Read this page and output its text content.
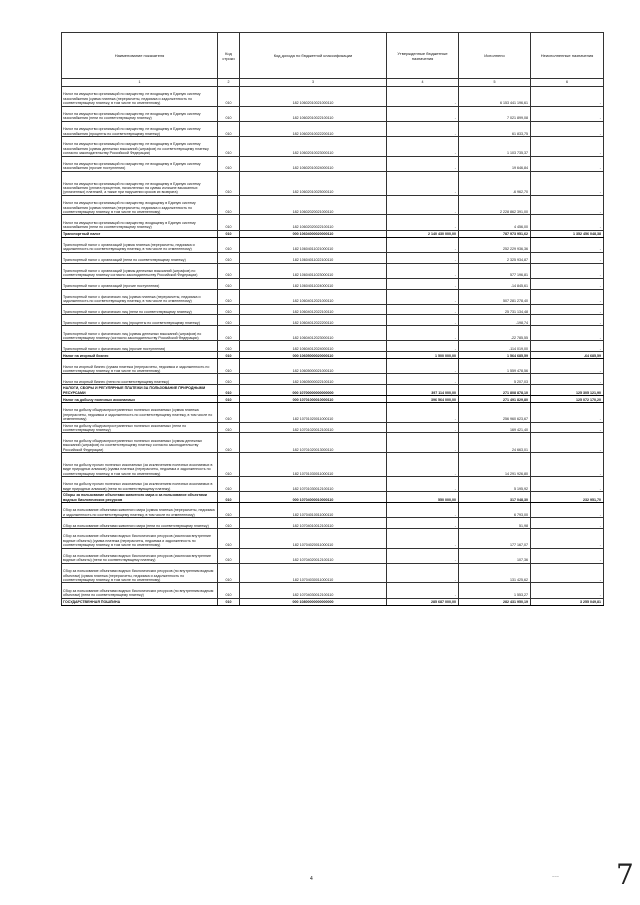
Наименование показателя	Код строки	Код дохода по бюджетной классификации	Утвержденные бюджетные назначения	Исполнено	Неисполненные назначения
1	2	3	4	5	6
Налог на имущество организаций по имуществу, не входящему в Единую систему газоснабжения (сумма платежа (перерасчеты, недоимка и задолженность по соответствующему платежу, в том числе по отмененному)	010	182 10602010021000110	-	6 153 441 196,61	-
Налог на имущество организаций по имуществу, не входящему в Единую систему газоснабжения (пени по соответствующему платежу)	010	182 10602010022100110	-	7 021 899,08	-
Налог на имущество организаций по имуществу, не входящему в Единую систему газоснабжения (проценты по соответствующему платежу)	010	182 10602010022200110	-	61 833,75	-
Налог на имущество организаций по имуществу, не входящему в Единую систему газоснабжения (суммы денежных взысканий (штрафов) по соответствующему платежу согласно законодательству Российской Федерации)	010	182 10602010023000110	-	1 103 735,37	-
Налог на имущество организаций по имуществу, не входящему в Единую систему газоснабжения (прочие поступления)	010	182 10602010024000110	-	19 646,84	-
Налог на имущество организаций по имуществу, не входящему в Единую систему газоснабжения (уплата процентов, начисленных на суммы излишне взысканных (уплаченных) платежей, а также при нарушении сроков их возврата)	010	182 10602010025000110	-	-6 962,70	-
Налог на имущество организаций по имуществу, входящему в Единую систему газоснабжения (сумма платежа (перерасчеты, недоимка и задолженность по соответствующему платежу, в том числе по отмененному)	010	182 10602020021000110	-	2 228 862 391,00	-
Налог на имущество организаций по имуществу, входящему в Единую систему газоснабжения (пени по соответствующему платежу)	010	182 10602020022100110	-	4 456,00	-
Транспортный налог	010	000 10604000020000110	2 140 430 000,00	787 973 951,62	1 352 456 048,38
Транспортный налог с организаций (сумма платежа (перерасчеты, недоимка и задолженность по соответствующему платежу, в том числе по отмененному)	010	182 10604011021000110	-	252 229 936,36	-
Транспортный налог с организаций (пени по соответствующему платежу)	010	182 10604011022100110	-	2 325 934,87	-
Транспортный налог с организаций (суммы денежных взысканий (штрафов) по соответствующему платежу согласно законодательству Российской Федерации)	010	182 10604011023000110	-	577 196,81	-
Транспортный налог с организаций (прочие поступления)	010	182 10604011024000110	-	-14 845,61	-
Транспортный налог с физических лиц (сумма платежа (перерасчеты, недоимка и задолженность по соответствующему платежу, в том числе по отмененному)	010	182 10604012021000110	-	507 281 278,40	-
Транспортный налог с физических лиц (пени по соответствующему платежу)	010	182 10604012022100110	-	25 731 134,48	-
Транспортный налог с физических лиц (проценты по соответствующему платежу)	010	182 10604012022200110	-	-198,74	-
Транспортный налог с физических лиц (суммы денежных взысканий (штрафов) по соответствующему платежу (согласно законодательству Российской Федерации)	010	182 10604012023000110	-	-22 785,55	-
Транспортный налог с физических лиц (прочие поступления)	010	182 10604012024000110	-	-114 019,00	-
Налог на игорный бизнес	010	000 10605000020000110	1 500 000,00	1 564 685,59	-64 685,59
Налог на игорный бизнес (сумма платежа (перерасчеты, недоимка и задолженность по соответствующему платежу, в том числе по отмененному)	010	182 10605000021000110	-	1 559 478,56	-
Налог на игорный бизнес (пени по соответствующему платежу)	010	182 10605000022100110	-	5 207,03	-
НАЛОГИ, СБОРЫ И РЕГУЛЯРНЫЕ ПЛАТЕЖИ ЗА ПОЛЬЗОВАНИЕ ПРИРОДНЫМИ РЕСУРСАМИ	010	000 10700000000000000	397 114 000,00	271 808 878,10	125 305 121,90
Налог на добычу полезных ископаемых	010	000 10701000010000110	396 564 000,00	271 491 829,80	125 072 170,20
Налог на добычу общераспространенных полезных ископаемых (сумма платежа (перерасчеты, недоимка и задолженность по соответствующему платежу, в том числе по отмененному)	010	182 10701020011000110	-	256 960 623,67	-
Налог на добычу общераспространенных полезных ископаемых (пени по соответствующему платежу)	010	182 10701020012100110	-	169 421,40	-
Налог на добычу общераспространенных полезных ископаемых (суммы денежных взысканий (штрафов) по соответствующему платежу согласно законодательству Российской Федерации)	010	182 10701020013000110	-	24 663,01	-
Налог на добычу прочих полезных ископаемых (за исключением полезных ископаемых в виде природных алмазов) (сумма платежа (перерасчеты, недоимка и задолженность по соответствующему платежу, в том числе по отмененному)	010	182 10701030011000110	-	14 291 926,80	-
Налог на добычу прочих полезных ископаемых (за исключением полезных ископаемых в виде природных алмазов) (пени по соответствующему платежу)	010	182 10701030012100110	-	5 195,92	-
Сборы за пользование объектами животного мира и за пользование объектами водных биологических ресурсов	010	000 10704000010000110	550 000,00	317 048,30	232 951,70
Сбор за пользование объектами животного мира (сумма платежа (перерасчеты, недоимка и задолженность по соответствующему платежу, в том числе по отмененному)	010	182 10704010011000110	-	6 793,00	-
Сбор за пользование объектами животного мира (пени по соответствующему платежу)	010	182 10704010012100110	-	51,98	-
Сбор за пользование объектами водных биологических ресурсов (исключая внутренние водные объекты) (сумма платежа (перерасчеты, недоимка и задолженность по соответствующему платежу, в том числе по отмененному)	010	182 10704020011000110	-	177 167,07	-
Сбор за пользование объектами водных биологических ресурсов (исключая внутренние водные объекты) (пени по соответствующему платежу)	010	182 10704020012100110	-	107,36	-
Сбор за пользование объектами водных биологических ресурсов (по внутренним водным объектам) (сумма платежа (перерасчеты, недоимка и задолженность по соответствующему платежу, в том числе по отмененному)	010	182 10704030011000110	-	131 425,62	-
Сбор за пользование объектами водных биологических ресурсов (по внутренним водным объектам) (пени по соответствующему платежу)	010	182 10704030012100110	-	1 553,27	-
ГОСУДАРСТВЕННАЯ ПОШЛИНА	010	000 10800000000000000	285 687 000,00	282 431 950,19	3 255 049,81
~~~
4	7
